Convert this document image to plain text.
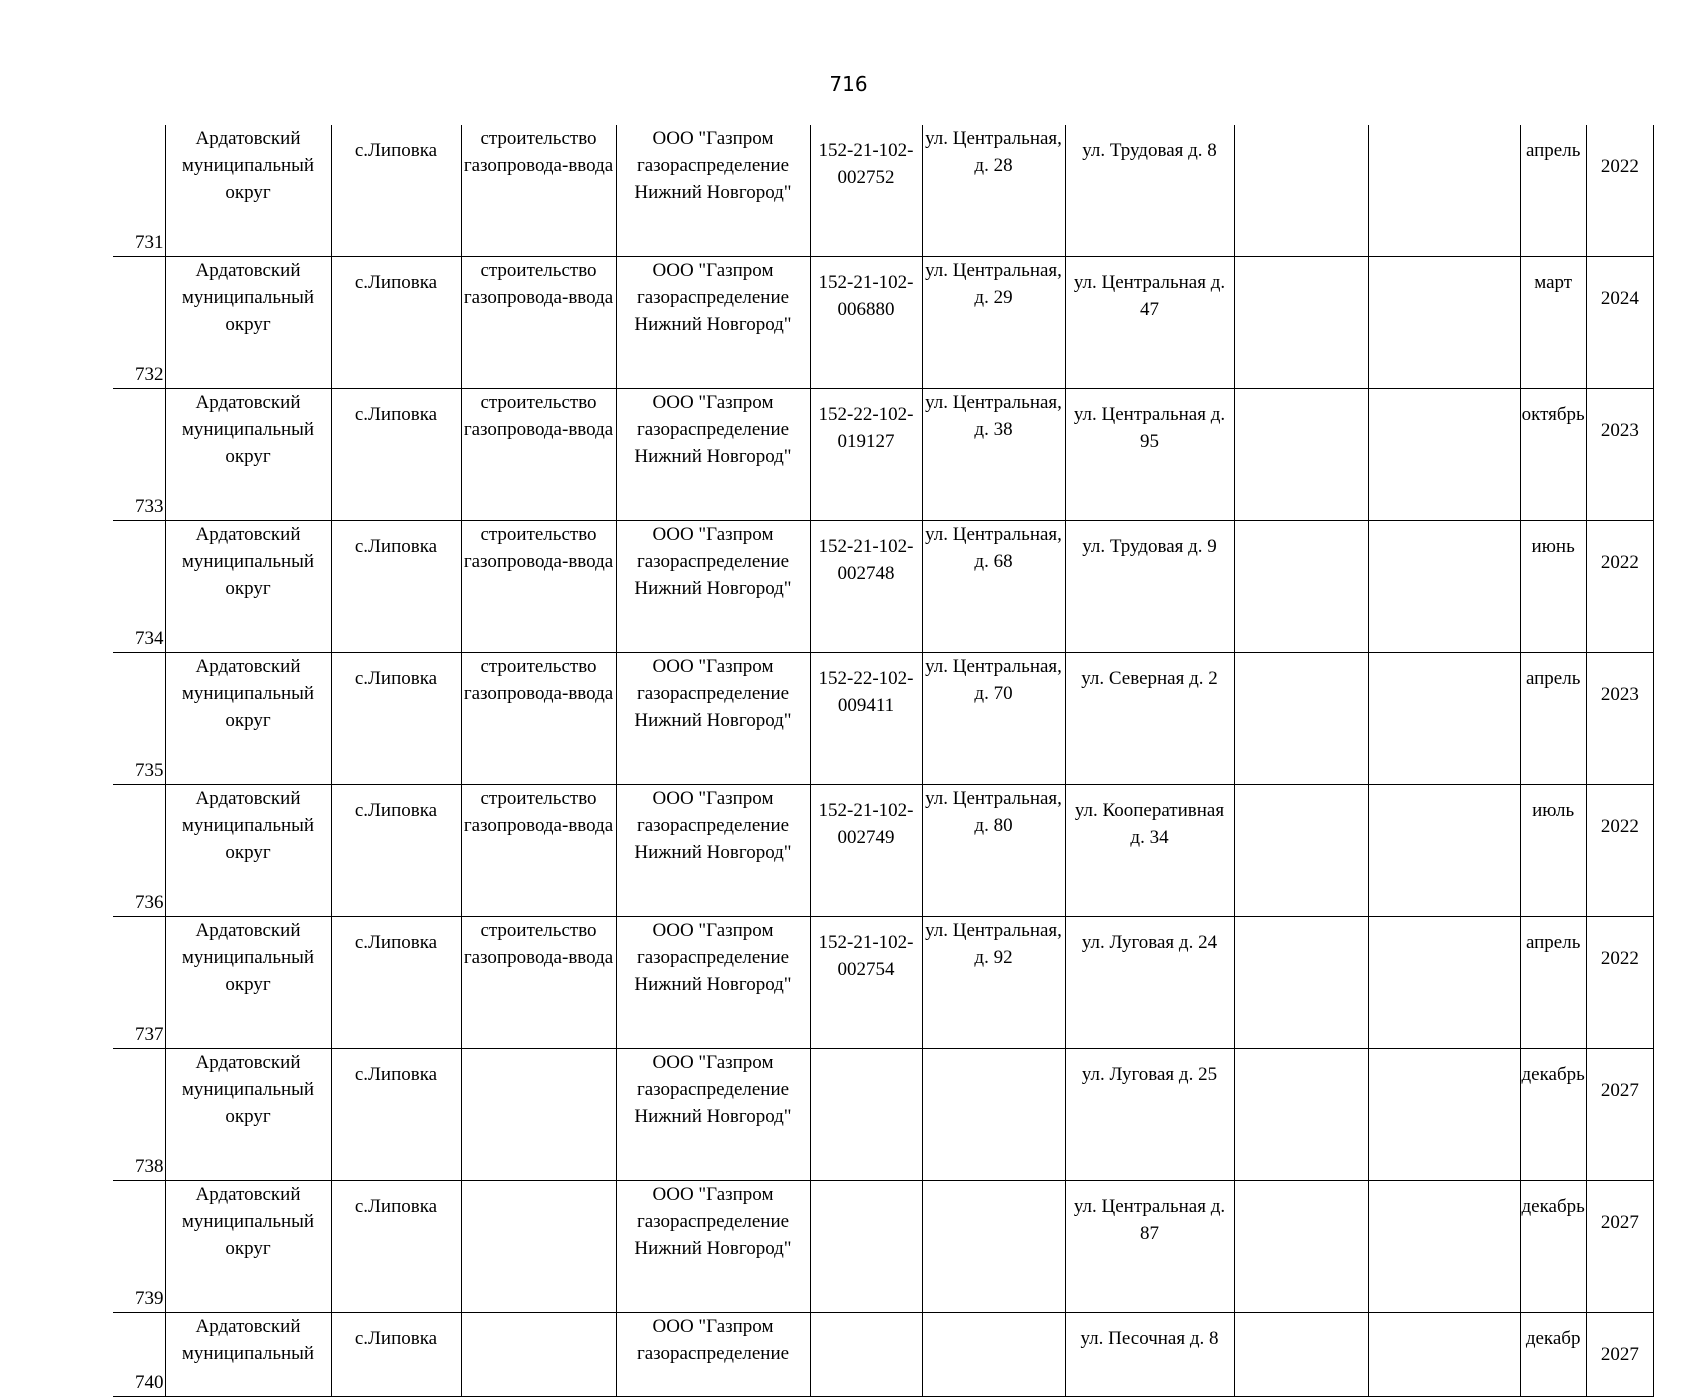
716
731	Ардатовский муниципальный округ	с.Липовка	строительство газопровода-ввода	ООО "Газпром газораспределение Нижний Новгород"	152-21-102-002752	ул. Центральная, д. 28	ул. Трудовая д. 8			апрель	2022
732	Ардатовский муниципальный округ	с.Липовка	строительство газопровода-ввода	ООО "Газпром газораспределение Нижний Новгород"	152-21-102-006880	ул. Центральная, д. 29	ул. Центральная д. 47			март	2024
733	Ардатовский муниципальный округ	с.Липовка	строительство газопровода-ввода	ООО "Газпром газораспределение Нижний Новгород"	152-22-102-019127	ул. Центральная, д. 38	ул. Центральная д. 95			октябрь	2023
734	Ардатовский муниципальный округ	с.Липовка	строительство газопровода-ввода	ООО "Газпром газораспределение Нижний Новгород"	152-21-102-002748	ул. Центральная, д. 68	ул. Трудовая д. 9			июнь	2022
735	Ардатовский муниципальный округ	с.Липовка	строительство газопровода-ввода	ООО "Газпром газораспределение Нижний Новгород"	152-22-102-009411	ул. Центральная, д. 70	ул. Северная д. 2			апрель	2023
736	Ардатовский муниципальный округ	с.Липовка	строительство газопровода-ввода	ООО "Газпром газораспределение Нижний Новгород"	152-21-102-002749	ул. Центральная, д. 80	ул. Кооперативная д. 34			июль	2022
737	Ардатовский муниципальный округ	с.Липовка	строительство газопровода-ввода	ООО "Газпром газораспределение Нижний Новгород"	152-21-102-002754	ул. Центральная, д. 92	ул. Луговая д. 24			апрель	2022
738	Ардатовский муниципальный округ	с.Липовка		ООО "Газпром газораспределение Нижний Новгород"			ул. Луговая д. 25			декабрь	2027
739	Ардатовский муниципальный округ	с.Липовка		ООО "Газпром газораспределение Нижний Новгород"			ул. Центральная д. 87			декабрь	2027
740	Ардатовский муниципальный	с.Липовка		ООО "Газпром газораспределение			ул. Песочная д. 8			декабр	2027
